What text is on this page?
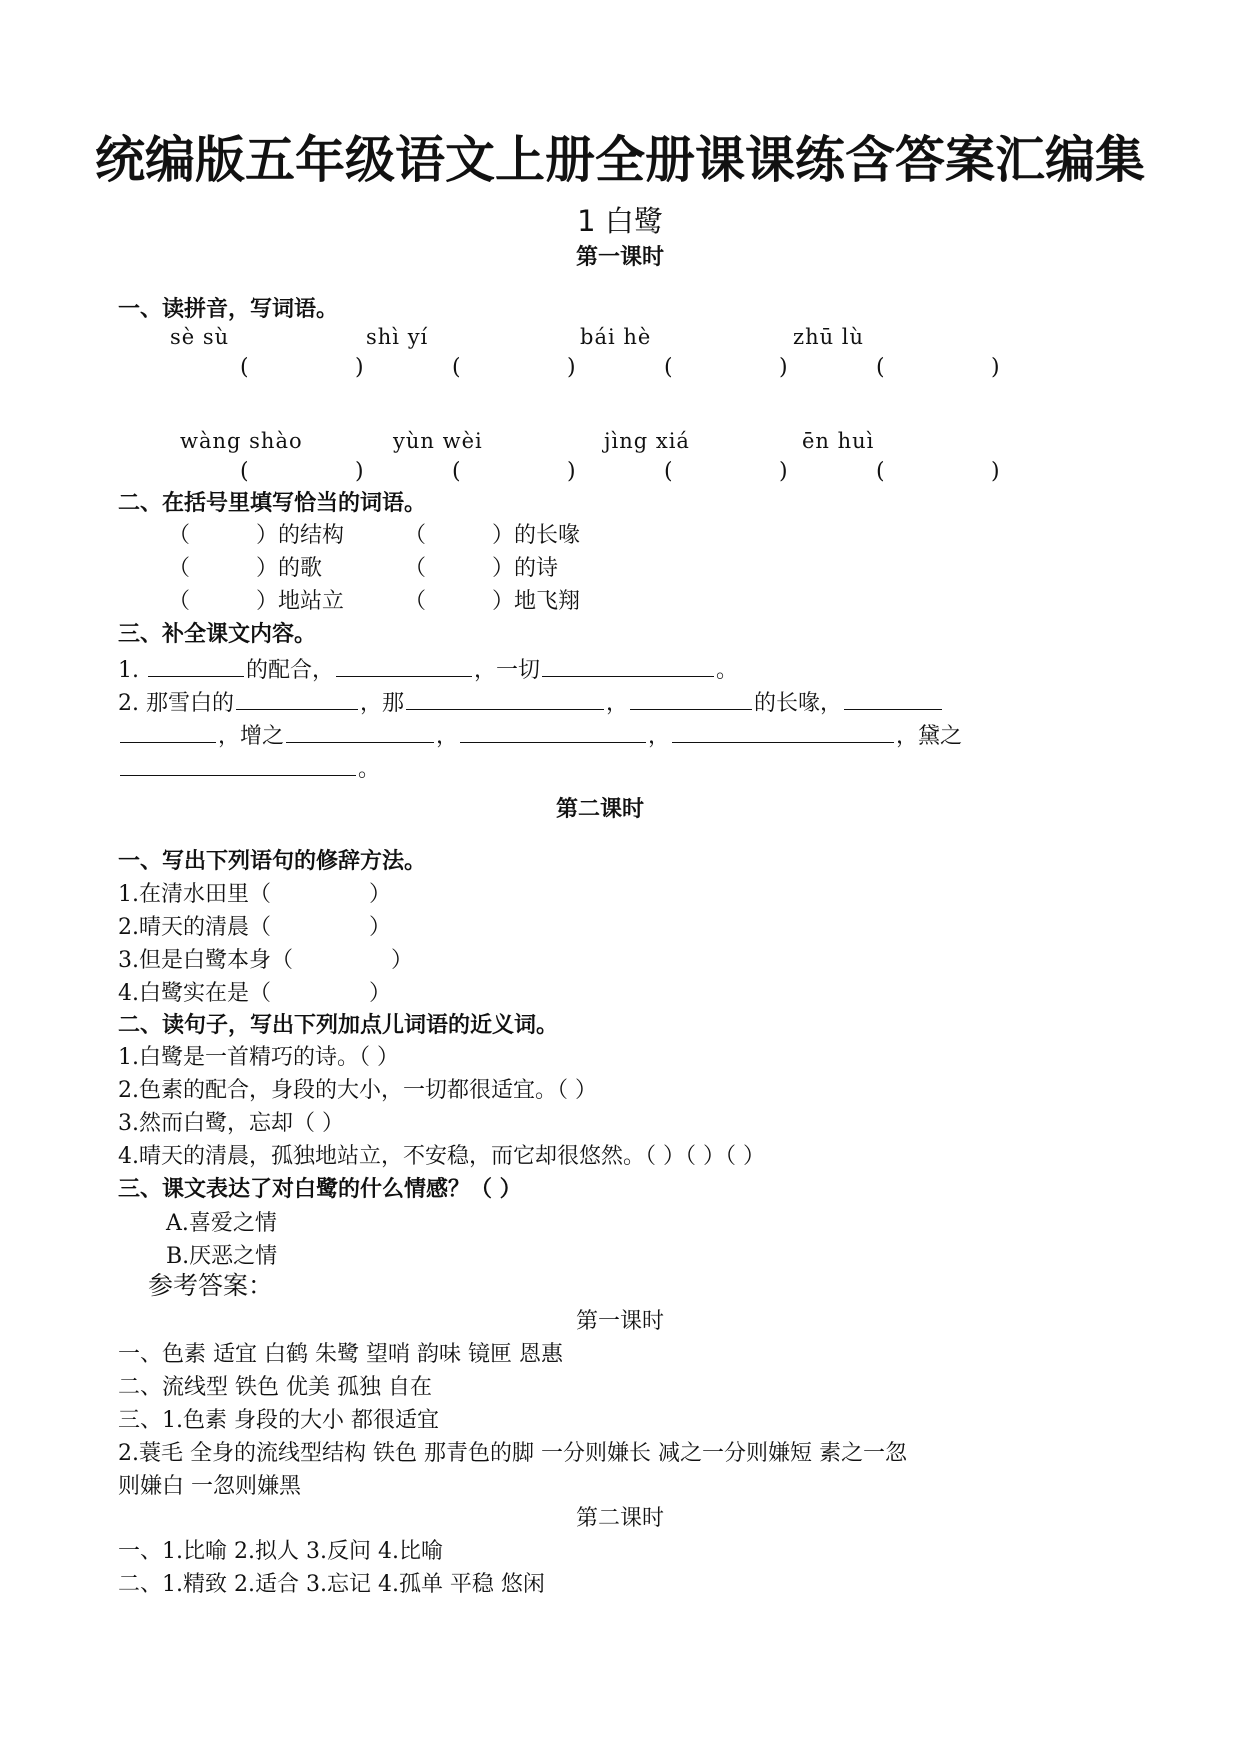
统编版五年级语文上册全册课课练含答案汇编集
1 白鹭
第一课时
一、读拼音，写词语。
sè sù	shì yí	bái hè	zhū lù
(	)	(	)	(	)	(	)
wàng shào	yùn wèi	jìng xiá	ēn huì
(	)	(	)	(	)	(	)
二、在括号里填写恰当的词语。
（	）的结构	（	）的长喙
（	）的歌	（	）的诗
（	）地站立	（	）地飞翔
三、补全课文内容。
1.	的配合，	，一切	。
2. 那雪白的	，那	，	的长喙，
，增之	，	，	，黛之
。
第二课时
一、写出下列语句的修辞方法。
1.在清水田里（	）
2.晴天的清晨（	）
3.但是白鹭本身（	）
4.白鹭实在是（	）
二、读句子，写出下列加点儿词语的近义词。
1.白鹭是一首精巧的诗。（ ）
2.色素的配合，身段的大小，一切都很适宜。（ ）
3.然而白鹭，忘却（ ）
4.晴天的清晨，孤独地站立，不安稳，而它却很悠然。（ ）（ ）（ ）
三、课文表达了对白鹭的什么情感？（ ）
A.喜爱之情
B.厌恶之情
参考答案：
第一课时
一、色素 适宜 白鹤 朱鹭 望哨 韵味 镜匣 恩惠
二、流线型 铁色 优美 孤独 自在
三、1.色素 身段的大小 都很适宜
2.蓑毛 全身的流线型结构 铁色 那青色的脚 一分则嫌长 减之一分则嫌短 素之一忽
则嫌白 一忽则嫌黑
第二课时
一、1.比喻 2.拟人 3.反问 4.比喻
二、1.精致 2.适合 3.忘记 4.孤单 平稳 悠闲
